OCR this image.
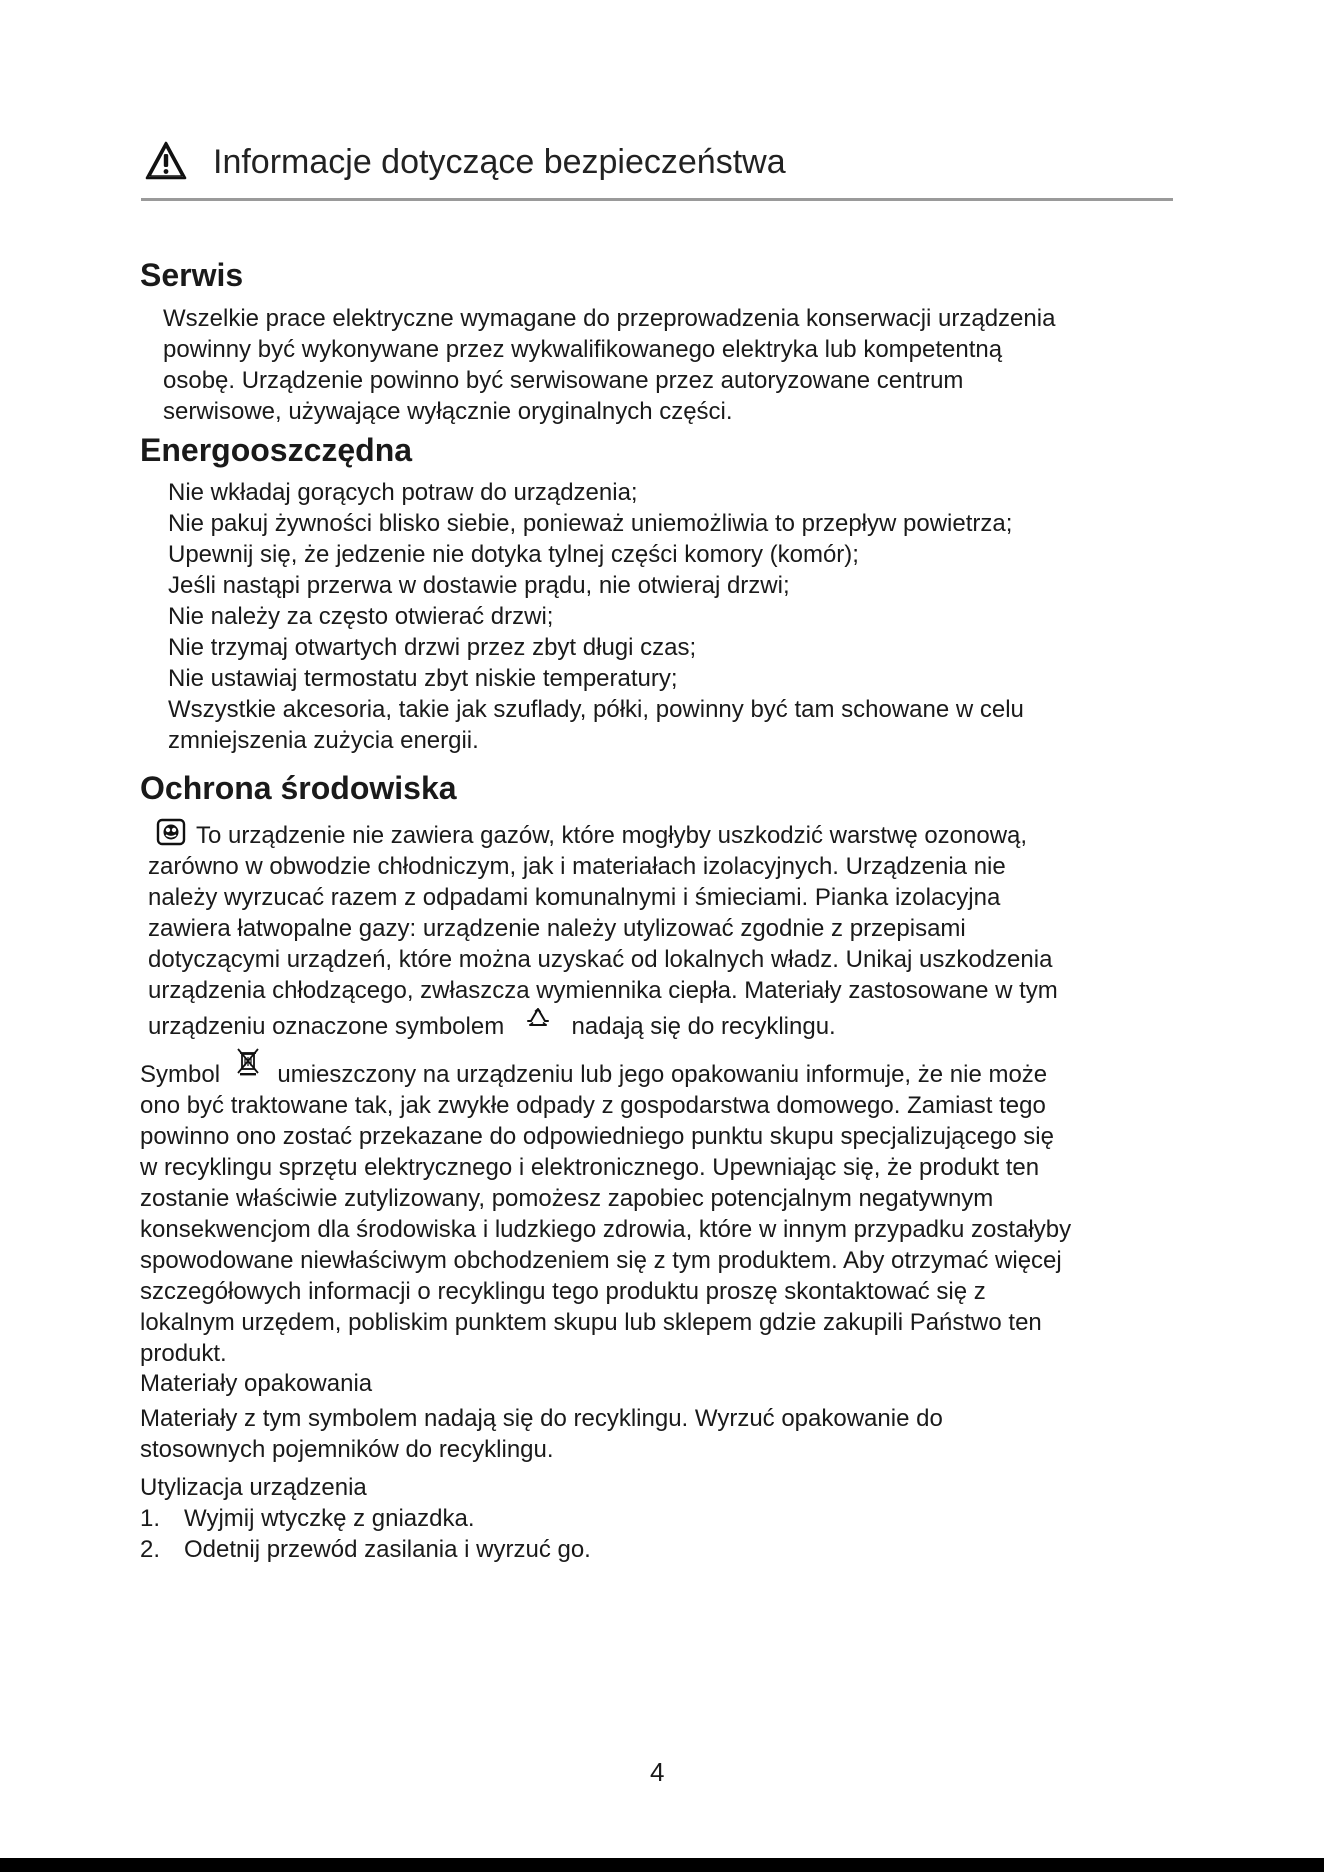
Informacje dotyczące bezpieczeństwa
Serwis
Wszelkie prace elektryczne wymagane do przeprowadzenia konserwacji urządzenia
powinny być wykonywane przez wykwalifikowanego elektryka lub kompetentną
osobę. Urządzenie powinno być serwisowane przez autoryzowane centrum
serwisowe, używające wyłącznie oryginalnych części.
Energooszczędna
Nie wkładaj gorących potraw do urządzenia;
Nie pakuj żywności blisko siebie, ponieważ uniemożliwia to przepływ powietrza;
Upewnij się, że jedzenie nie dotyka tylnej części komory (komór);
Jeśli nastąpi przerwa w dostawie prądu, nie otwieraj drzwi;
Nie należy za często otwierać drzwi;
Nie trzymaj otwartych drzwi przez zbyt długi czas;
Nie ustawiaj termostatu zbyt niskie temperatury;
Wszystkie akcesoria, takie jak szuflady, półki, powinny być tam schowane w celu
zmniejszenia zużycia energii.
Ochrona środowiska
To urządzenie nie zawiera gazów, które mogłyby uszkodzić warstwę ozonową,
zarówno w obwodzie chłodniczym, jak i materiałach izolacyjnych. Urządzenia nie
należy wyrzucać razem z odpadami komunalnymi i śmieciami. Pianka izolacyjna
zawiera łatwopalne gazy: urządzenie należy utylizować zgodnie z przepisami
dotyczącymi urządzeń, które można uzyskać od lokalnych władz. Unikaj uszkodzenia
urządzenia chłodzącego, zwłaszcza wymiennika ciepła. Materiały zastosowane w tym
urządzeniu oznaczone symbolem	nadają się do recyklingu.
Symbol umieszczony na urządzeniu lub jego opakowaniu informuje, że nie może
ono być traktowane tak, jak zwykłe odpady z gospodarstwa domowego. Zamiast tego
powinno ono zostać przekazane do odpowiedniego punktu skupu specjalizującego się
w recyklingu sprzętu elektrycznego i elektronicznego. Upewniając się, że produkt ten
zostanie właściwie zutylizowany, pomożesz zapobiec potencjalnym negatywnym
konsekwencjom dla środowiska i ludzkiego zdrowia, które w innym przypadku zostałyby
spowodowane niewłaściwym obchodzeniem się z tym produktem. Aby otrzymać więcej
szczegółowych informacji o recyklingu tego produktu proszę skontaktować się z
lokalnym urzędem, pobliskim punktem skupu lub sklepem gdzie zakupili Państwo ten
produkt.
Materiały opakowania
Materiały z tym symbolem nadają się do recyklingu. Wyrzuć opakowanie do
stosownych pojemników do recyklingu.
Utylizacja urządzenia
1. Wyjmij wtyczkę z gniazdka.
2. Odetnij przewód zasilania i wyrzuć go.
4
